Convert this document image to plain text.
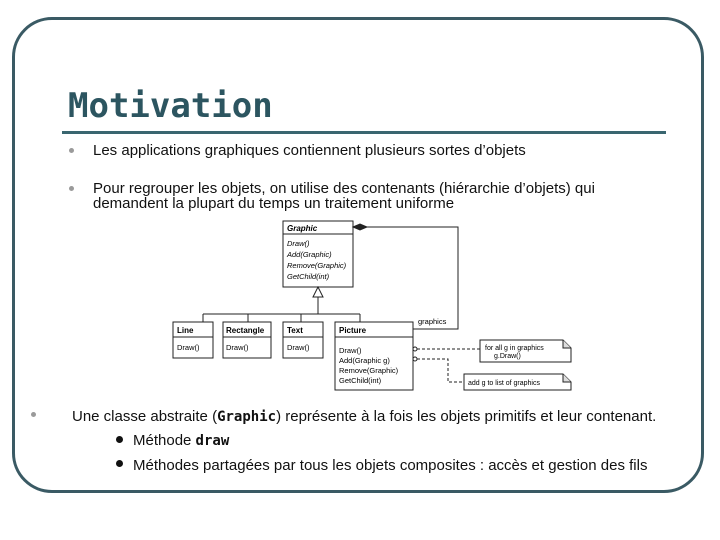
Motivation
Les applications graphiques contiennent plusieurs sortes d’objets
Pour regrouper les objets, on utilise des contenants (hiérarchie d’objets) qui
demandent la plupart du temps un traitement uniforme
Graphic
Draw()
Add(Graphic)
Remove(Graphic)
GetChild(int)
graphics
Line
Draw()
Rectangle
Draw()
Text
Draw()
Picture
Draw()
Add(Graphic g)
Remove(Graphic)
GetChild(int)
for all g in graphics
g.Draw()
add g to list of graphics
Une classe abstraite (Graphic) représente à la fois les objets primitifs et leur contenant.
Méthode draw
Méthodes partagées par tous les objets composites : accès et gestion des fils
